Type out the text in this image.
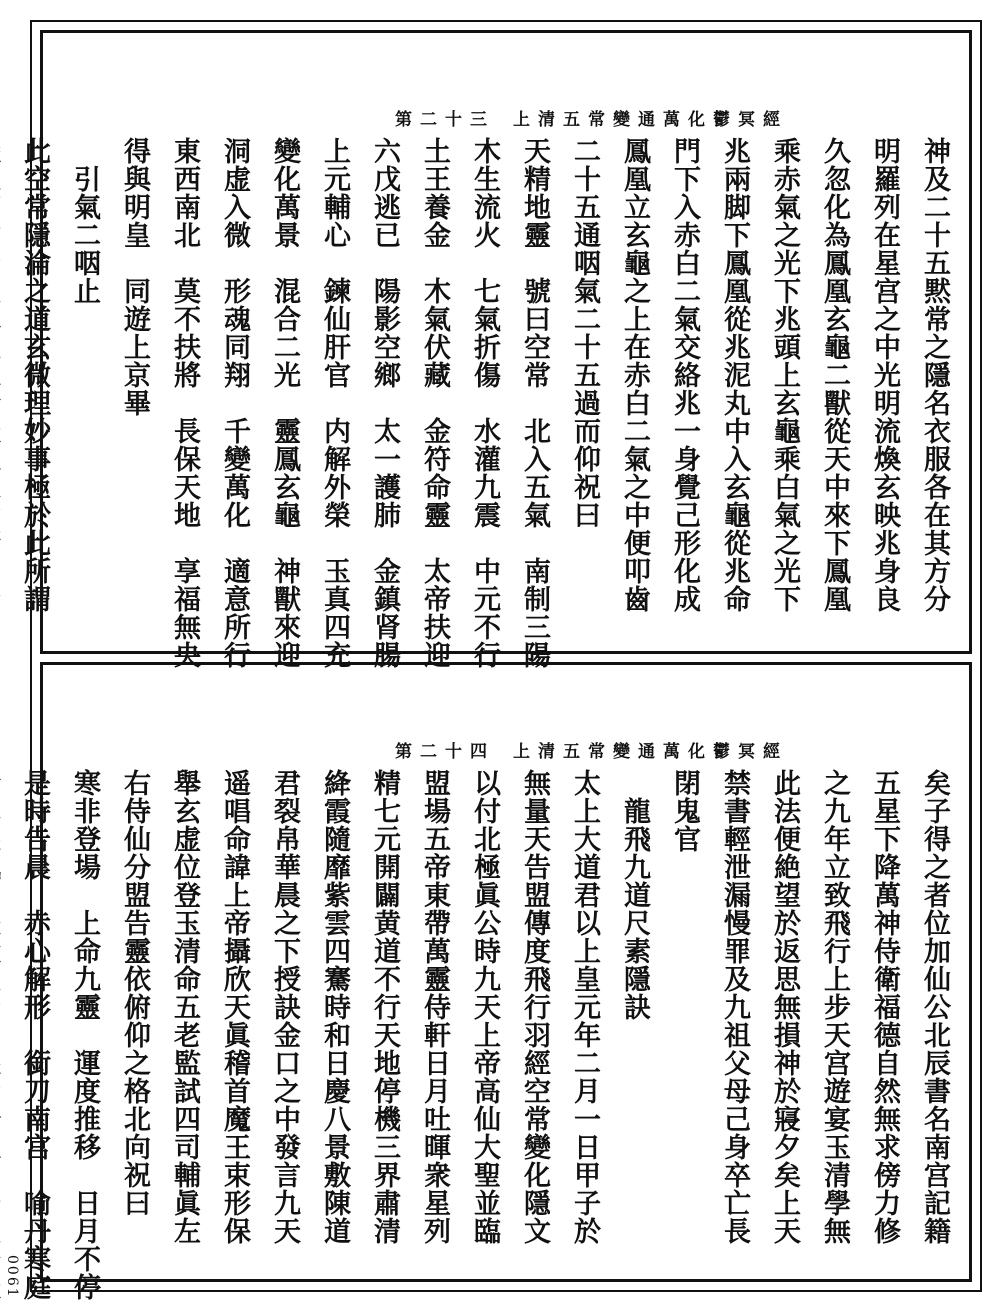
上清五常變通萬化鬱冥經
第二十三
神及二十五黙常之隱名衣服各在其方分
明羅列在星宫之中光明流煥玄映兆身良
久忽化為鳳凰玄龜二獸從天中來下鳳凰
乘赤氣之光下兆頭上玄龜乘白氣之光下
兆兩脚下鳳凰從兆泥丸中入玄龜從兆命
門下入赤白二氣交絡兆一身覺己形化成
鳳凰立玄龜之上在赤白二氣之中便叩齒
二十五通咽氣二十五過而仰祝曰
天精地靈　號曰空常　北入五氣　南制三陽
木生流火　七氣折傷　水灌九震　中元不行
土王養金　木氣伏藏　金符命靈　太帝扶迎
六戊逃已　陽影空鄉　太一護肺　金鎮肾腸
上元輔心　鍊仙肝官　内解外榮　玉真四充
變化萬景　混合二光　靈鳳玄龜　神獸來迎
洞虚入微　形魂同翔　千變萬化　適意所行
東西南北　莫不扶將　長保天地　享福無央
得與明皇　同遊上京畢
　引氣二咽止
此空常隱淪之道玄微理妙事極於此所謂
上清五常變通萬化鬱冥經
第二十四
矣子得之者位加仙公北辰書名南宫記籍
五星下降萬神侍衛福德自然無求傍力修
之九年立致飛行上步天宫遊宴玉清學無
此法便絶望於返思無損神於寢夕矣上天
禁書輕泄漏慢罪及九祖父母己身卒亡長
閉鬼官
　龍飛九道尺素隱訣
太上大道君以上皇元年二月一日甲子於
無量天告盟傳度飛行羽經空常變化隱文
以付北極眞公時九天上帝高仙大聖並臨
盟場五帝東帶萬靈侍軒日月吐暉衆星列
精七元開闢黄道不行天地停機三界肅清
絳霞隨靡紫雲四騫時和日慶八景敷陳道
君裂帛華晨之下授訣金口之中發言九天
遥唱命諱上帝攝欣天眞稽首魔王束形保
舉玄虚位登玉清命五老監試四司輔眞左
右侍仙分盟告靈依俯仰之格北向祝曰
寒非登場　上命九靈　運度推移　日月不停
是時告晨　赤心解形　銜刀南宫　喻丹寒庭
0061
